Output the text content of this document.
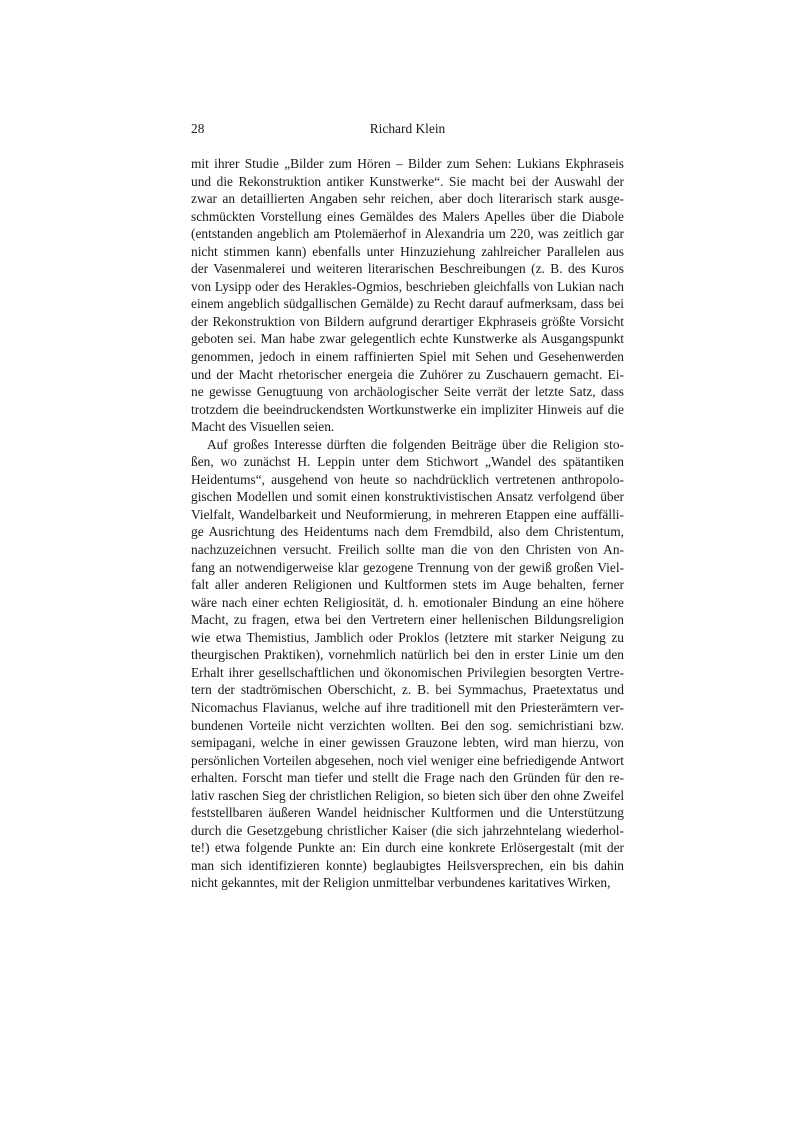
28	Richard Klein
mit ihrer Studie „Bilder zum Hören – Bilder zum Sehen: Lukians Ekphraseis
und die Rekonstruktion antiker Kunstwerke“. Sie macht bei der Auswahl der
zwar an detaillierten Angaben sehr reichen, aber doch literarisch stark ausge-
schmückten Vorstellung eines Gemäldes des Malers Apelles über die Diabole
(entstanden angeblich am Ptolemäerhof in Alexandria um 220, was zeitlich gar
nicht stimmen kann) ebenfalls unter Hinzuziehung zahlreicher Parallelen aus
der Vasenmalerei und weiteren literarischen Beschreibungen (z. B. des Kuros
von Lysipp oder des Herakles-Ogmios, beschrieben gleichfalls von Lukian nach
einem angeblich südgallischen Gemälde) zu Recht darauf aufmerksam, dass bei
der Rekonstruktion von Bildern aufgrund derartiger Ekphraseis größte Vorsicht
geboten sei. Man habe zwar gelegentlich echte Kunstwerke als Ausgangspunkt
genommen, jedoch in einem raffinierten Spiel mit Sehen und Gesehenwerden
und der Macht rhetorischer energeia die Zuhörer zu Zuschauern gemacht. Ei-
ne gewisse Genugtuung von archäologischer Seite verrät der letzte Satz, dass
trotzdem die beeindruckendsten Wortkunstwerke ein impliziter Hinweis auf die
Macht des Visuellen seien.
Auf großes Interesse dürften die folgenden Beiträge über die Religion sto-
ßen, wo zunächst H. Leppin unter dem Stichwort „Wandel des spätantiken
Heidentums“, ausgehend von heute so nachdrücklich vertretenen anthropolo-
gischen Modellen und somit einen konstruktivistischen Ansatz verfolgend über
Vielfalt, Wandelbarkeit und Neuformierung, in mehreren Etappen eine auffälli-
ge Ausrichtung des Heidentums nach dem Fremdbild, also dem Christentum,
nachzuzeichnen versucht. Freilich sollte man die von den Christen von An-
fang an notwendigerweise klar gezogene Trennung von der gewiß großen Viel-
falt aller anderen Religionen und Kultformen stets im Auge behalten, ferner
wäre nach einer echten Religiosität, d. h. emotionaler Bindung an eine höhere
Macht, zu fragen, etwa bei den Vertretern einer hellenischen Bildungsreligion
wie etwa Themistius, Jamblich oder Proklos (letztere mit starker Neigung zu
theurgischen Praktiken), vornehmlich natürlich bei den in erster Linie um den
Erhalt ihrer gesellschaftlichen und ökonomischen Privilegien besorgten Vertre-
tern der stadtrömischen Oberschicht, z. B. bei Symmachus, Praetextatus und
Nicomachus Flavianus, welche auf ihre traditionell mit den Priesterämtern ver-
bundenen Vorteile nicht verzichten wollten. Bei den sog. semichristiani bzw.
semipagani, welche in einer gewissen Grauzone lebten, wird man hierzu, von
persönlichen Vorteilen abgesehen, noch viel weniger eine befriedigende Antwort
erhalten. Forscht man tiefer und stellt die Frage nach den Gründen für den re-
lativ raschen Sieg der christlichen Religion, so bieten sich über den ohne Zweifel
feststellbaren äußeren Wandel heidnischer Kultformen und die Unterstützung
durch die Gesetzgebung christlicher Kaiser (die sich jahrzehntelang wiederhol-
te!) etwa folgende Punkte an: Ein durch eine konkrete Erlösergestalt (mit der
man sich identifizieren konnte) beglaubigtes Heilsversprechen, ein bis dahin
nicht gekanntes, mit der Religion unmittelbar verbundenes karitatives Wirken,
